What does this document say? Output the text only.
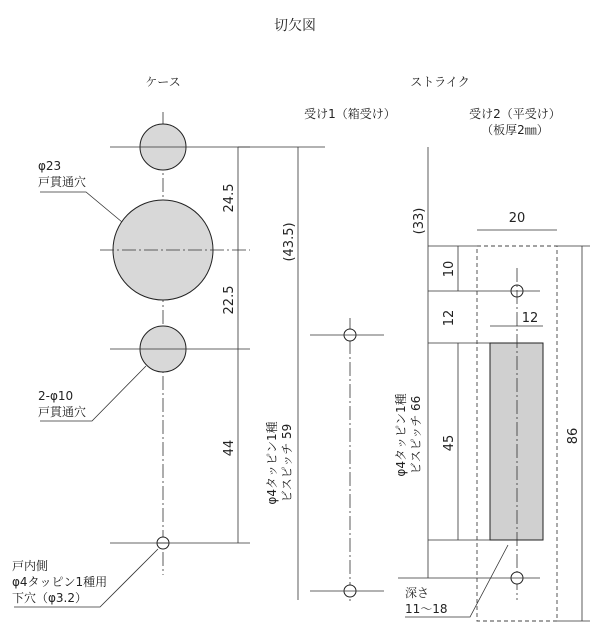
切欠図
ケース
24.5
22.5
44
φ23
戸貫通穴
2-φ10
戸貫通穴
戸内側
φ4タッピン1種用
下穴（φ3.2）
ストライク
受け1（箱受け）
(43.5)
φ4タッピン1種 ビスピッチ 59
受け2（平受け）
（板厚2㎜）
(33)	20
86
10
12	12
45
φ4タッピン1種 ビスピッチ 66
深さ
11〜18
